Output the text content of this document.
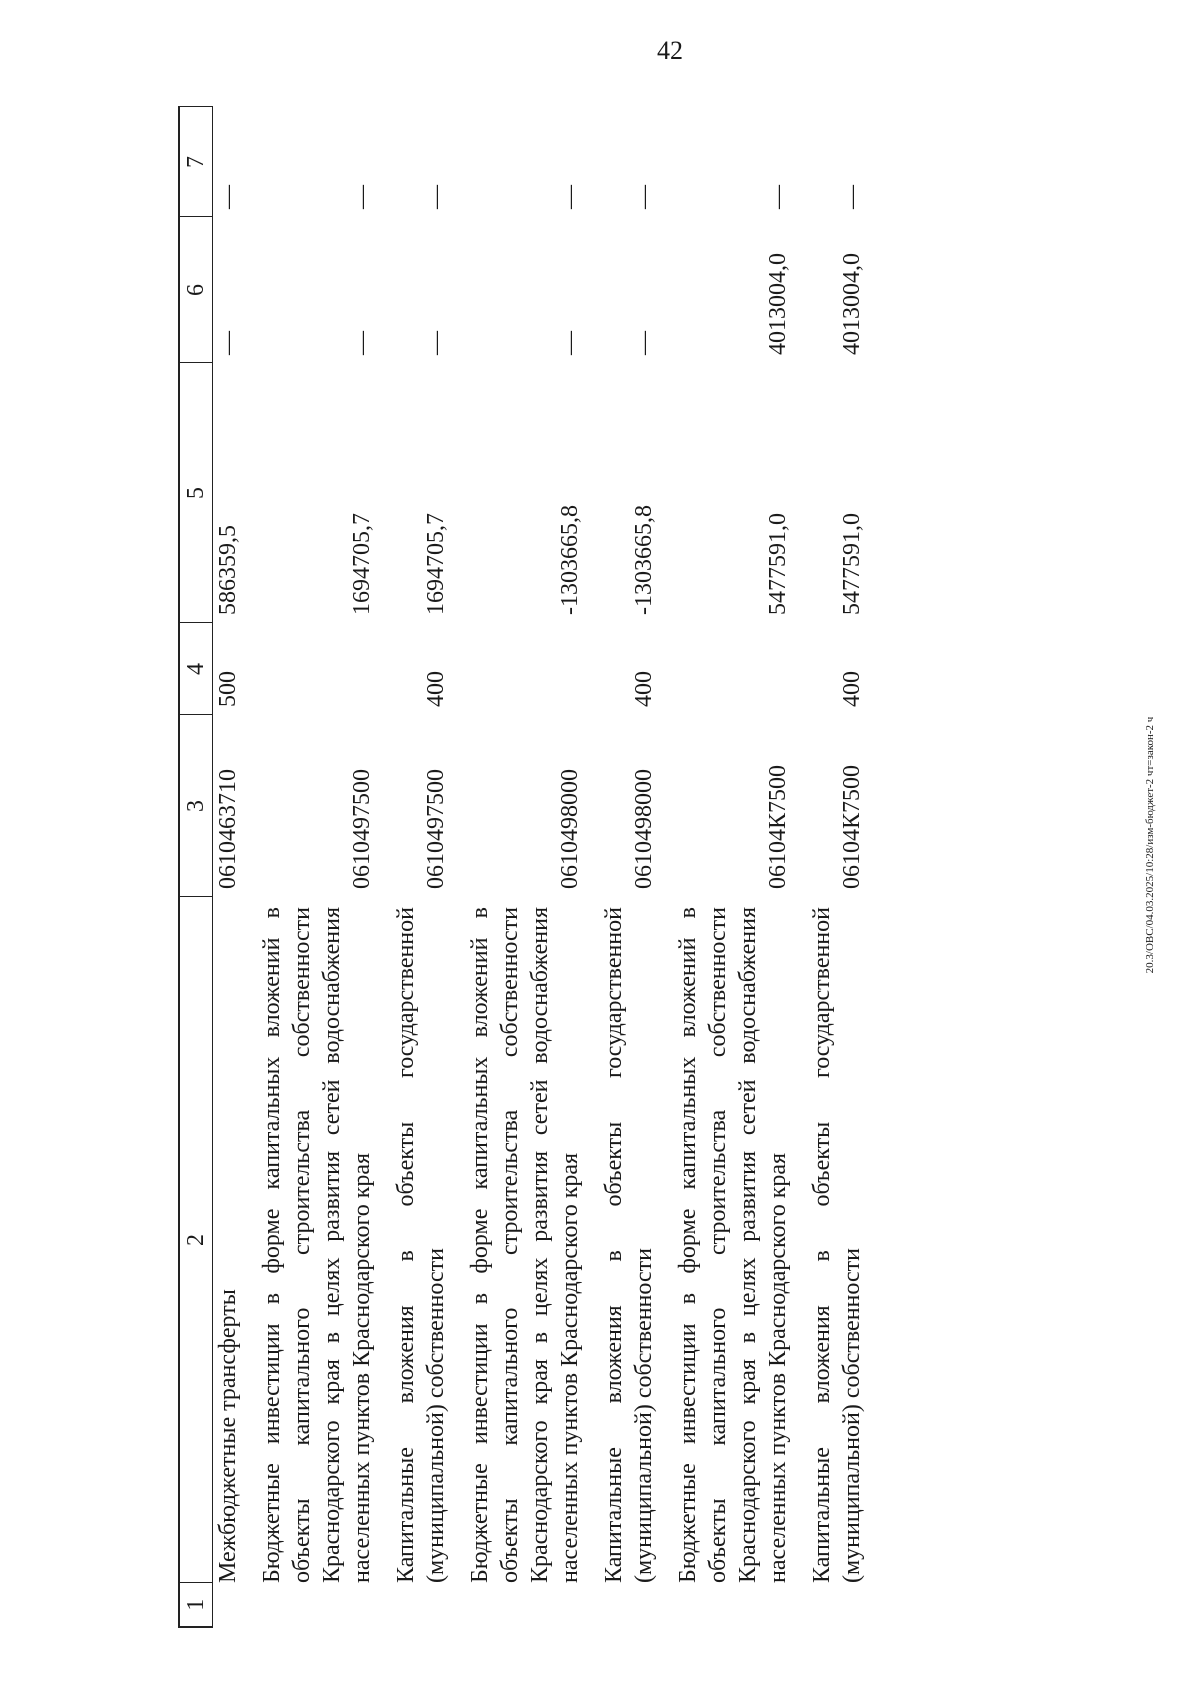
42
20.3/ОВС/04.03.2025/10:28/изм-бюджет-2 чт=закон-2 ч
1	2	3	4	5	6	7
	Межбюджетные трансферты	0610463710	500	586359,5	—	—
	Бюджетные инвестиции в форме капитальных вложений в объекты капитального строительства собственности Краснодарского края в целях развития сетей водоснабжения населенных пунктов Краснодарского края	0610497500		1694705,7	—	—
	Капитальные вложения в объекты государственной (муниципальной) собственности	0610497500	400	1694705,7	—	—
	Бюджетные инвестиции в форме капитальных вложений в объекты капитального строительства собственности Краснодарского края в целях развития сетей водоснабжения населенных пунктов Краснодарского края	0610498000		-1303665,8	—	—
	Капитальные вложения в объекты государственной (муниципальной) собственности	0610498000	400	-1303665,8	—	—
	Бюджетные инвестиции в форме капитальных вложений в объекты капитального строительства собственности Краснодарского края в целях развития сетей водоснабжения населенных пунктов Краснодарского края	06104К7500		5477591,0	4013004,0	—
	Капитальные вложения в объекты государственной (муниципальной) собственности	06104К7500	400	5477591,0	4013004,0	—
